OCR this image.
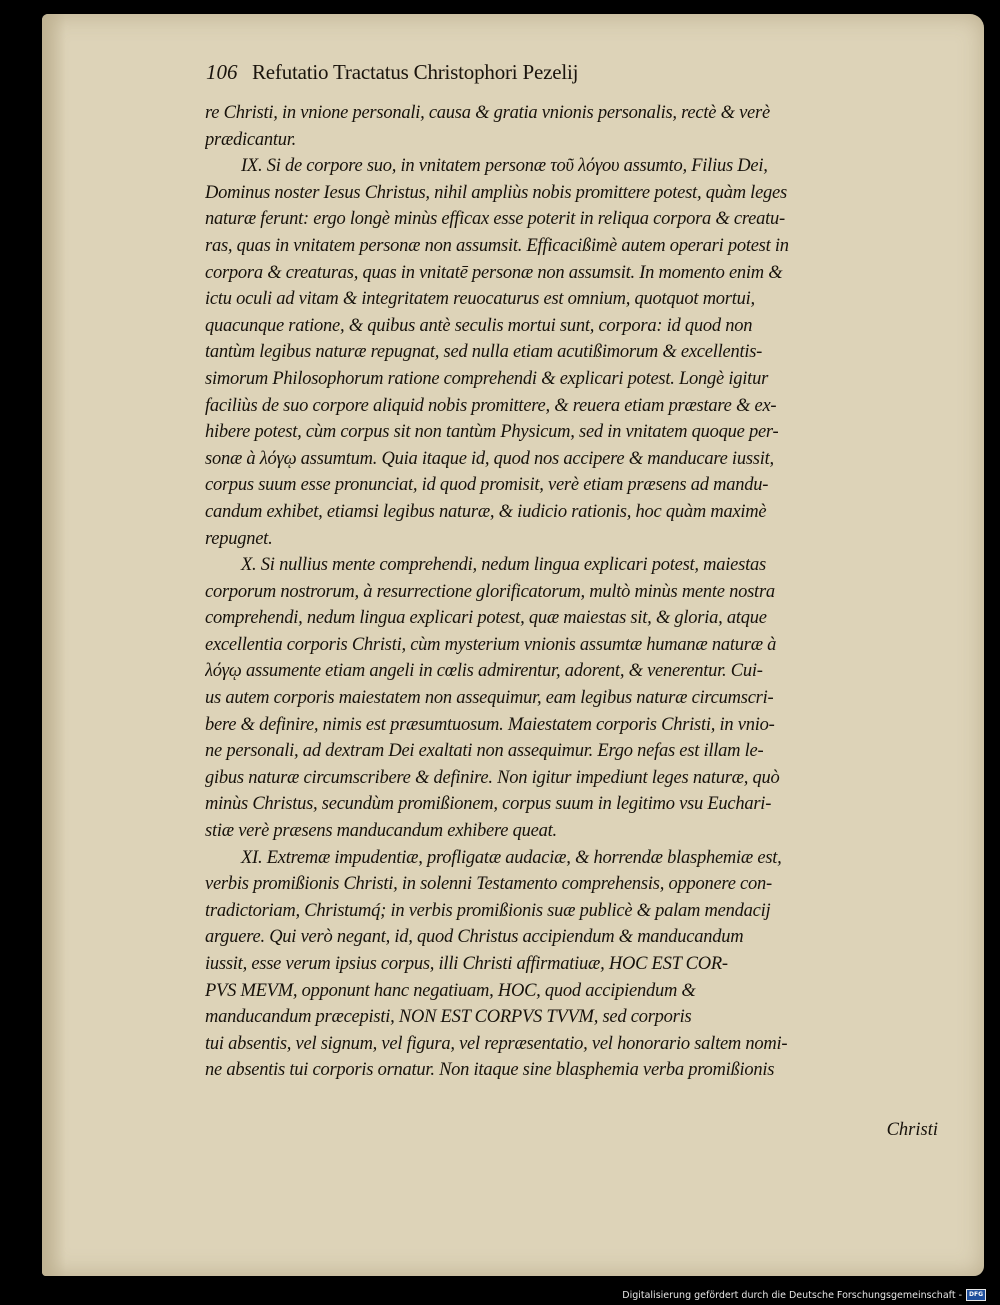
106 Refutatio Tractatus Christophori Pezelij
re Christi, in vnione personali, causa & gratia vnionis personalis, rectè & verè
prædicantur.
IX. Si de corpore suo, in vnitatem personæ τοῦ λόγου assumto, Filius Dei,
Dominus noster Iesus Christus, nihil ampliùs nobis promittere potest, quàm leges
naturæ ferunt: ergo longè minùs efficax esse poterit in reliqua corpora & creatu-
ras, quas in vnitatem personæ non assumsit. Efficacißimè autem operari potest in
corpora & creaturas, quas in vnitatē personæ non assumsit. In momento enim &
ictu oculi ad vitam & integritatem reuocaturus est omnium, quotquot mortui,
quacunque ratione, & quibus antè seculis mortui sunt, corpora: id quod non
tantùm legibus naturæ repugnat, sed nulla etiam acutißimorum & excellentis-
simorum Philosophorum ratione comprehendi & explicari potest. Longè igitur
faciliùs de suo corpore aliquid nobis promittere, & reuera etiam præstare & ex-
hibere potest, cùm corpus sit non tantùm Physicum, sed in vnitatem quoque per-
sonæ à λόγῳ assumtum. Quia itaque id, quod nos accipere & manducare iussit,
corpus suum esse pronunciat, id quod promisit, verè etiam præsens ad mandu-
candum exhibet, etiamsi legibus naturæ, & iudicio rationis, hoc quàm maximè
repugnet.
X. Si nullius mente comprehendi, nedum lingua explicari potest, maiestas
corporum nostrorum, à resurrectione glorificatorum, multò minùs mente nostra
comprehendi, nedum lingua explicari potest, quæ maiestas sit, & gloria, atque
excellentia corporis Christi, cùm mysterium vnionis assumtæ humanæ naturæ à
λόγῳ assumente etiam angeli in cœlis admirentur, adorent, & venerentur. Cui-
us autem corporis maiestatem non assequimur, eam legibus naturæ circumscri-
bere & definire, nimis est præsumtuosum. Maiestatem corporis Christi, in vnio-
ne personali, ad dextram Dei exaltati non assequimur. Ergo nefas est illam le-
gibus naturæ circumscribere & definire. Non igitur impediunt leges naturæ, quò
minùs Christus, secundùm promißionem, corpus suum in legitimo vsu Euchari-
stiæ verè præsens manducandum exhibere queat.
XI. Extremæ impudentiæ, profligatæ audaciæ, & horrendæ blasphemiæ est,
verbis promißionis Christi, in solenni Testamento comprehensis, opponere con-
tradictoriam, Christumq́; in verbis promißionis suæ publicè & palam mendacij
arguere. Qui verò negant, id, quod Christus accipiendum & manducandum
iussit, esse verum ipsius corpus, illi Christi affirmatiuæ, HOC EST COR-
PVS MEVM, opponunt hanc negatiuam, HOC, quod accipiendum &
manducandum præcepisti, NON EST CORPVS TVVM, sed corporis
tui absentis, vel signum, vel figura, vel repræsentatio, vel honorario saltem nomi-
ne absentis tui corporis ornatur. Non itaque sine blasphemia verba promißionis
Christi
Digitalisierung gefördert durch die Deutsche Forschungsgemeinschaft -	DFG
